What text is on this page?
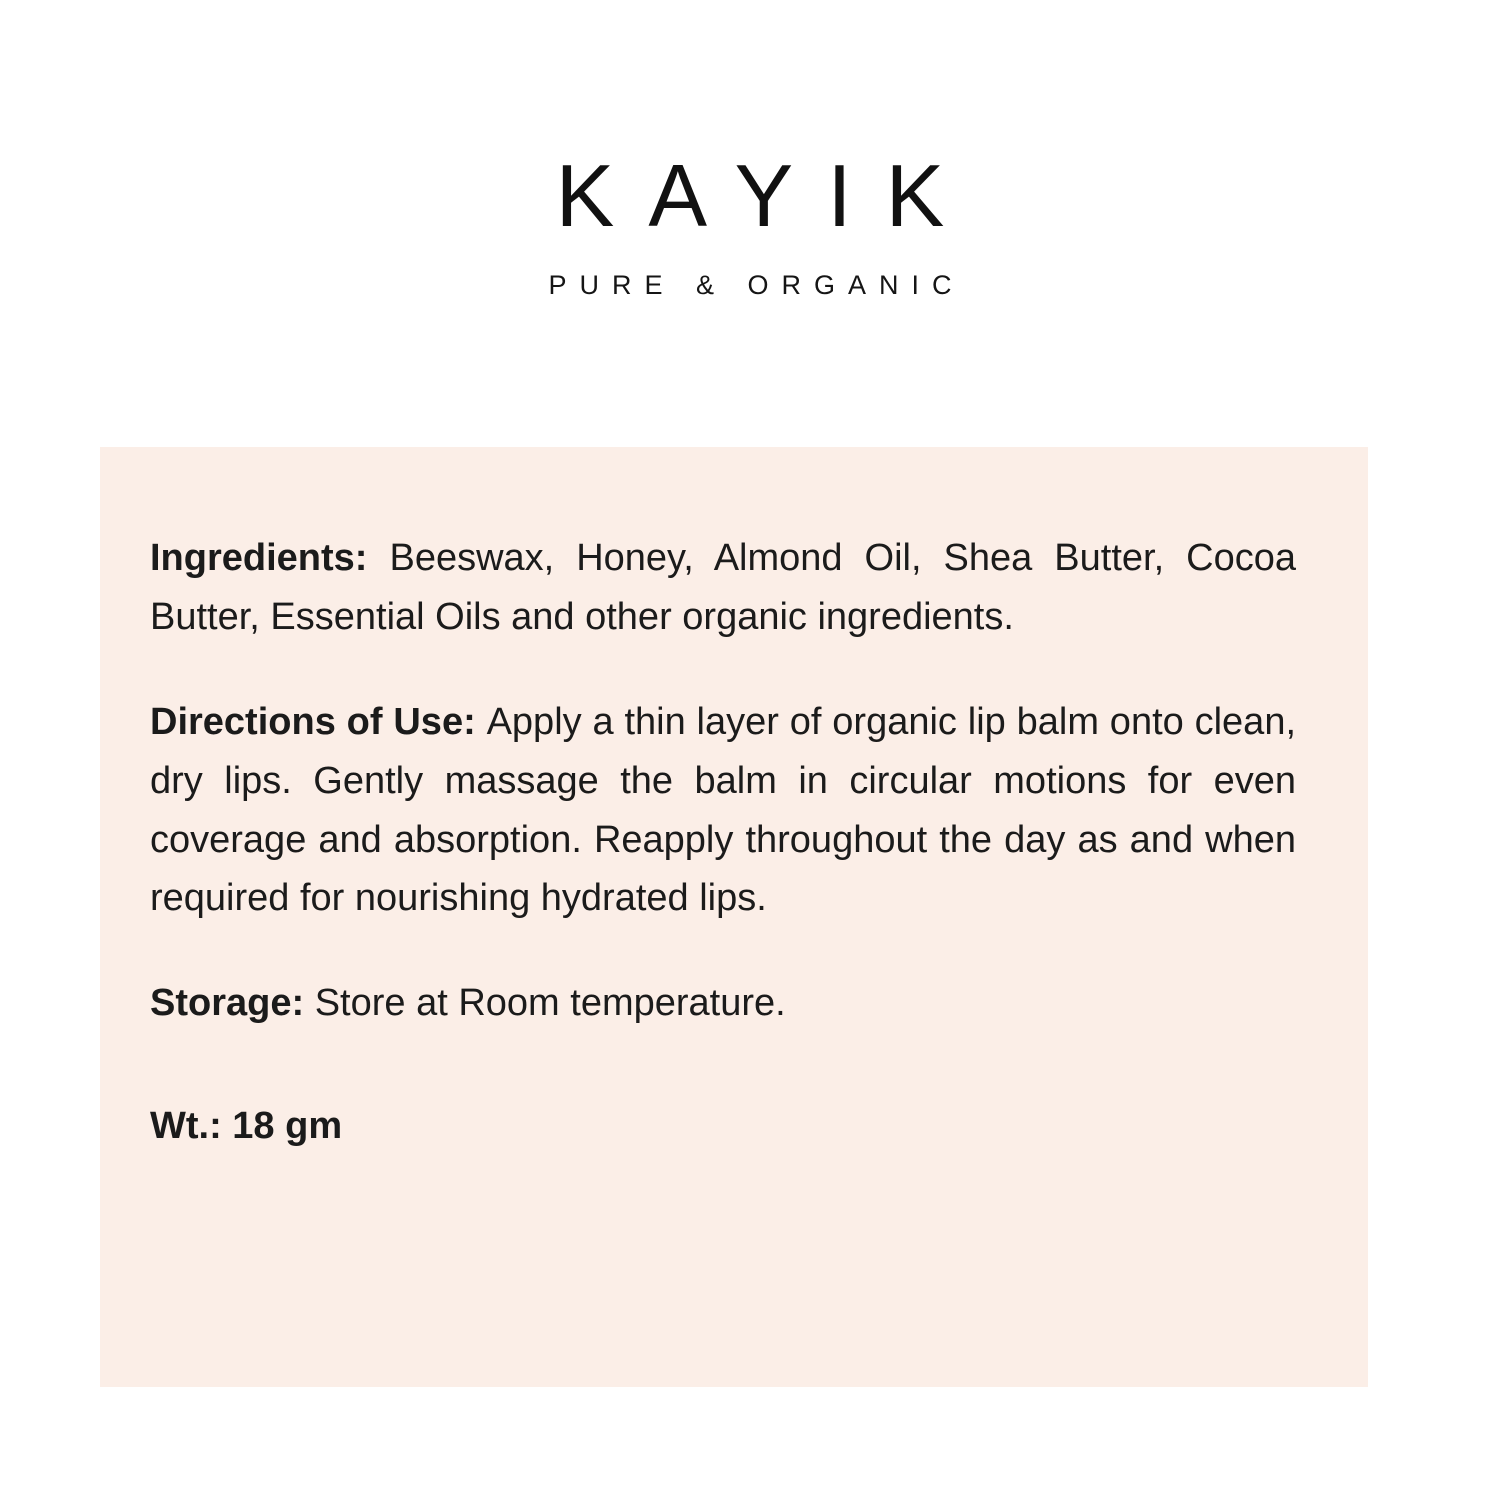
KAYIK
PURE & ORGANIC

Ingredients: Beeswax, Honey, Almond Oil, Shea Butter, Cocoa Butter, Essential Oils and other organic ingredients.

Directions of Use: Apply a thin layer of organic lip balm onto clean, dry lips. Gently massage the balm in circular motions for even coverage and absorption. Reapply throughout the day as and when required for nourishing hydrated lips.

Storage: Store at Room temperature.

Wt.: 18 gm
